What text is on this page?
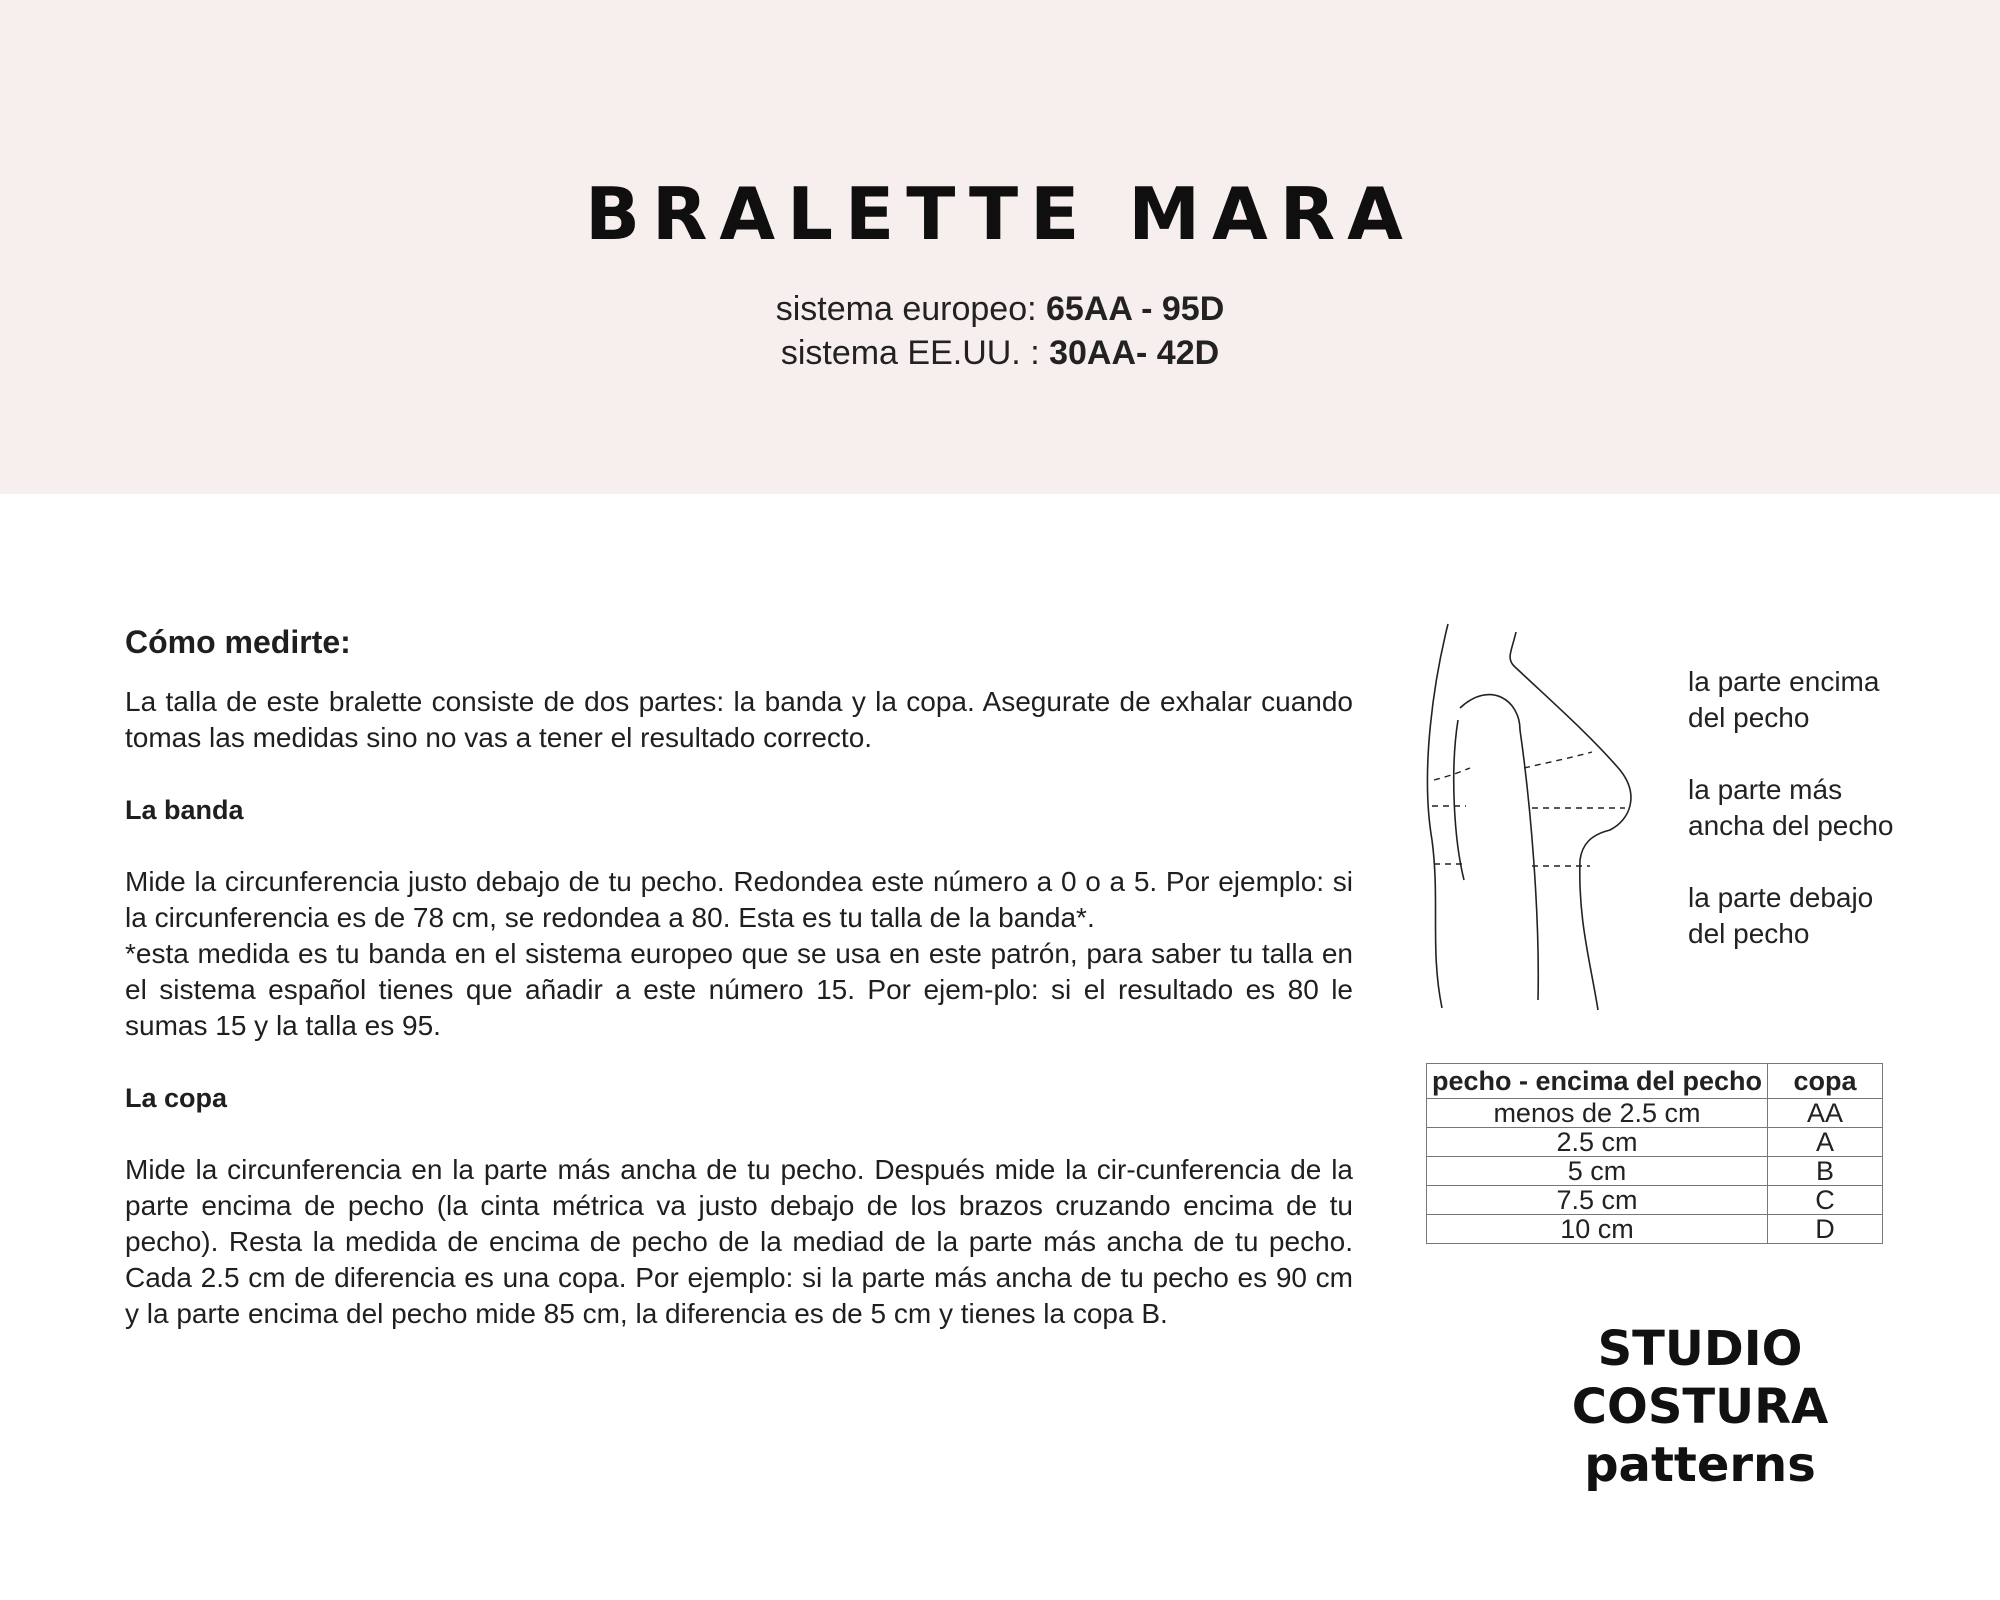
BRALETTE MARA
sistema europeo: 65AA - 95D
sistema EE.UU. : 30AA- 42D
Cómo medirte:

La talla de este bralette consiste de dos partes: la banda y la copa. Asegurate de exhalar cuando tomas las medidas sino no vas a tener el resultado correcto.

La banda

Mide la circunferencia justo debajo de tu pecho. Redondea este número a 0 o a 5. Por ejemplo: si la circunferencia es de 78 cm, se redondea a 80. Esta es tu talla de la banda*.

*esta medida es tu banda en el sistema europeo que se usa en este patrón, para saber tu talla en el sistema español tienes que añadir a este número 15. Por ejem-plo: si el resultado es 80 le sumas 15 y la talla es 95.

La copa

Mide la circunferencia en la parte más ancha de tu pecho. Después mide la cir-cunferencia de la parte encima de pecho (la cinta métrica va justo debajo de los brazos cruzando encima de tu pecho). Resta la medida de encima de pecho de la mediad de la parte más ancha de tu pecho. Cada 2.5 cm de diferencia es una copa. Por ejemplo: si la parte más ancha de tu pecho es 90 cm y la parte encima del pecho mide 85 cm, la diferencia es de 5 cm y tienes la copa B.

la parte encima
del pecho
la parte más
ancha del pecho
la parte debajo
del pecho
pecho - encima del pecho	copa
menos de 2.5 cm	AA
2.5 cm	A
5 cm	B
7.5 cm	C
10 cm	D
STUDIO
COSTURA
patterns
